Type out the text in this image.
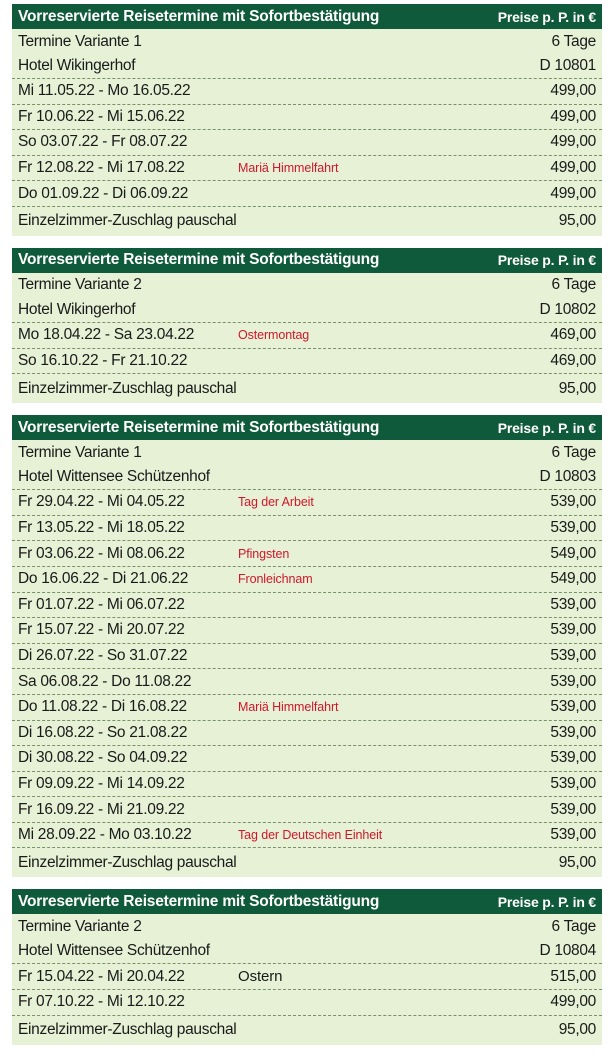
Vorreservierte Reisetermine mit Sofortbestätigung	Preise p. P. in €
Termine Variante 1	6 Tage
Hotel Wikingerhof	D 10801
Mi 11.05.22 - Mo 16.05.22	499,00
Fr 10.06.22 - Mi 15.06.22	499,00
So 03.07.22 - Fr 08.07.22	499,00
Fr 12.08.22 - Mi 17.08.22	Mariä Himmelfahrt	499,00
Do 01.09.22 - Di 06.09.22	499,00
Einzelzimmer-Zuschlag pauschal	95,00
Vorreservierte Reisetermine mit Sofortbestätigung	Preise p. P. in €
Termine Variante 2	6 Tage
Hotel Wikingerhof	D 10802
Mo 18.04.22 - Sa 23.04.22	Ostermontag	469,00
So 16.10.22 - Fr 21.10.22	469,00
Einzelzimmer-Zuschlag pauschal	95,00
Vorreservierte Reisetermine mit Sofortbestätigung	Preise p. P. in €
Termine Variante 1	6 Tage
Hotel Wittensee Schützenhof	D 10803
Fr 29.04.22 - Mi 04.05.22	Tag der Arbeit	539,00
Fr 13.05.22 - Mi 18.05.22	539,00
Fr 03.06.22 - Mi 08.06.22	Pfingsten	549,00
Do 16.06.22 - Di 21.06.22	Fronleichnam	549,00
Fr 01.07.22 - Mi 06.07.22	539,00
Fr 15.07.22 - Mi 20.07.22	539,00
Di 26.07.22 - So 31.07.22	539,00
Sa 06.08.22 - Do 11.08.22	539,00
Do 11.08.22 - Di 16.08.22	Mariä Himmelfahrt	539,00
Di 16.08.22 - So 21.08.22	539,00
Di 30.08.22 - So 04.09.22	539,00
Fr 09.09.22 - Mi 14.09.22	539,00
Fr 16.09.22 - Mi 21.09.22	539,00
Mi 28.09.22 - Mo 03.10.22	Tag der Deutschen Einheit	539,00
Einzelzimmer-Zuschlag pauschal	95,00
Vorreservierte Reisetermine mit Sofortbestätigung	Preise p. P. in €
Termine Variante 2	6 Tage
Hotel Wittensee Schützenhof	D 10804
Fr 15.04.22 - Mi 20.04.22	Ostern	515,00
Fr 07.10.22 - Mi 12.10.22	499,00
Einzelzimmer-Zuschlag pauschal	95,00
